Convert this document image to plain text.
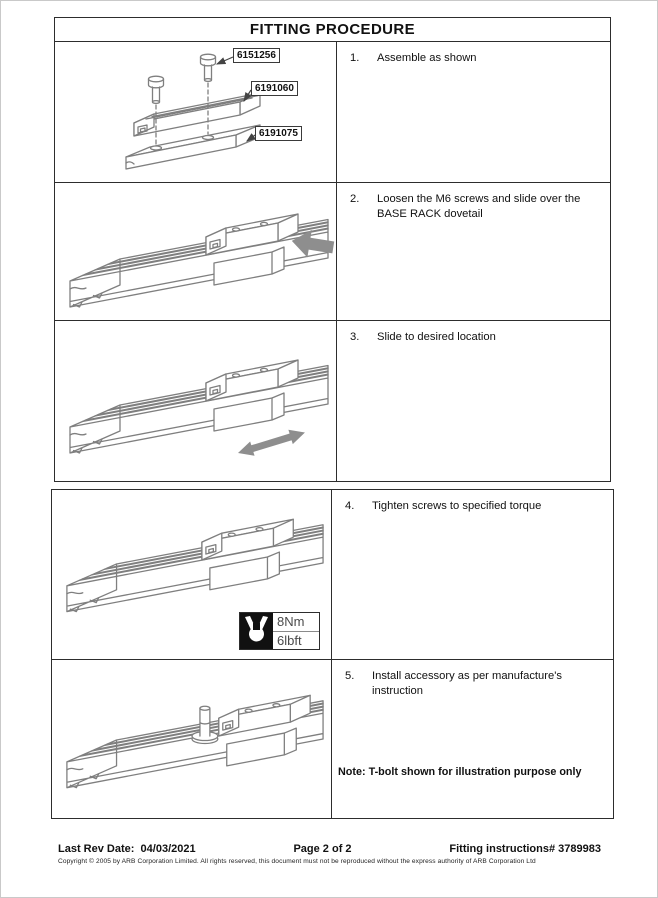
FITTING PROCEDURE
6151256
6191060
6191075
1.	Assemble as shown
2.	Loosen the M6 screws and slide over the BASE RACK dovetail
3.	Slide to desired location
8Nm
6lbft
4.	Tighten screws to specified torque
5.	Install accessory as per manufacture's instruction
Note: T-bolt shown for illustration purpose only
Last Rev Date: 04/03/2021	Page 2 of 2	Fitting instructions# 3789983
Copyright © 2005 by ARB Corporation Limited. All rights reserved, this document must not be reproduced without the express authority of ARB Corporation Ltd
